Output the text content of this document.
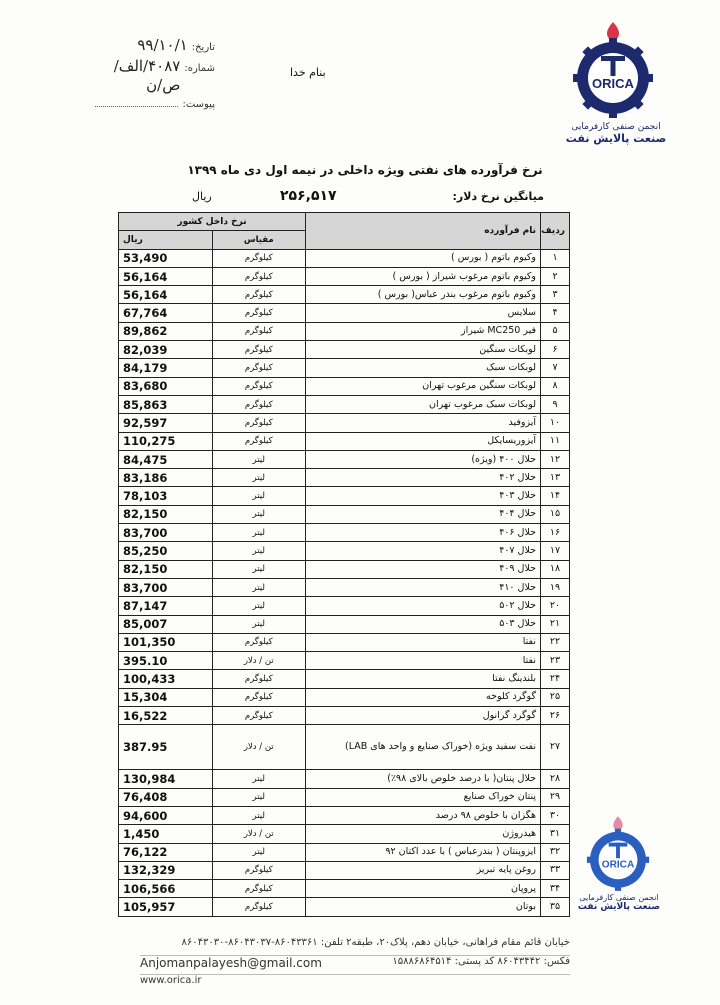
تاریخ:
۹۹/۱۰/۱
شماره:
۴۰۸۷/الف/ص/ن
پیوست:
بنام خدا
ORICA
انجمن صنفی کارفرمایی
صنعت پالایش نفت
نرخ فرآورده های نفتی ویژه داخلی در نیمه اول دی ماه ۱۳۹۹
میانگین نرخ دلار:
۲۵۶,۵۱۷
ریال
ردیف	نام فرآورده	نرخ داخل کشور	
		مقیاس	ریال
۱	وکیوم باتوم ( بورس )	کیلوگرم	53,490
۲	وکیوم باتوم مرغوب شیراز ( بورس )	کیلوگرم	56,164
۳	وکیوم باتوم مرغوب بندر عباس( بورس )	کیلوگرم	56,164
۴	سلایس	کیلوگرم	67,764
۵	فیر MC250 شیراز	کیلوگرم	89,862
۶	لوبکات سنگین	کیلوگرم	82,039
۷	لوبکات سبک	کیلوگرم	84,179
۸	لوبکات سنگین مرغوب تهران	کیلوگرم	83,680
۹	لوبکات سبک مرغوب تهران	کیلوگرم	85,863
۱۰	آیزوفید	کیلوگرم	92,597
۱۱	آیزوریسایکل	کیلوگرم	110,275
۱۲	حلال ۴۰۰ (ویژه)	لیتر	84,475
۱۳	حلال ۴۰۲	لیتر	83,186
۱۴	حلال ۴۰۳	لیتر	78,103
۱۵	حلال ۴۰۴	لیتر	82,150
۱۶	حلال ۴۰۶	لیتر	83,700
۱۷	حلال ۴۰۷	لیتر	85,250
۱۸	حلال ۴۰۹	لیتر	82,150
۱۹	حلال ۴۱۰	لیتر	83,700
۲۰	حلال ۵۰۲	لیتر	87,147
۲۱	حلال ۵۰۳	لیتر	85,007
۲۲	نفتا	کیلوگرم	101,350
۲۳	نفتا	تن / دلار	395.10
۲۴	بلندینگ نفتا	کیلوگرم	100,433
۲۵	گوگرد کلوخه	کیلوگرم	15,304
۲۶	گوگرد گرانول	کیلوگرم	16,522
۲۷	نفت سفید ویژه (خوراک صنایع و واحد های LAB)	تن / دلار	387.95
۲۸	حلال پنتان( با درصد خلوص بالای ۹۸٪)	لیتر	130,984
۲۹	پنتان خوراک صنایع	لیتر	76,408
۳۰	هگزان با خلوص ۹۸ درصد	لیتر	94,600
۳۱	هیدروژن	تن / دلار	1,450
۳۲	ایزوپنتان ( بندرعباس ) با عدد اکتان ۹۲	لیتر	76,122
۳۳	روغن پایه تبریز	کیلوگرم	132,329
۳۴	پروپان	کیلوگرم	106,566
۳۵	بوتان	کیلوگرم	105,957
ORICA
انجمن صنفی کارفرمایی
صنعت پالایش نفت
خیابان قائم مقام فراهانی، خیابان دهم، پلاک۲۰، طبقه۲ تلفن: ۸۶۰۴۳۳۶۱-۸۶۰۴۳۰۳۷-۸۶۰۴۳۰۳۰
فکس: ۸۶۰۴۳۴۴۲ کد پستی: ۱۵۸۸۶۸۶۴۵۱۴
Anjomanpalayesh@gmail.com
www.orica.ir
